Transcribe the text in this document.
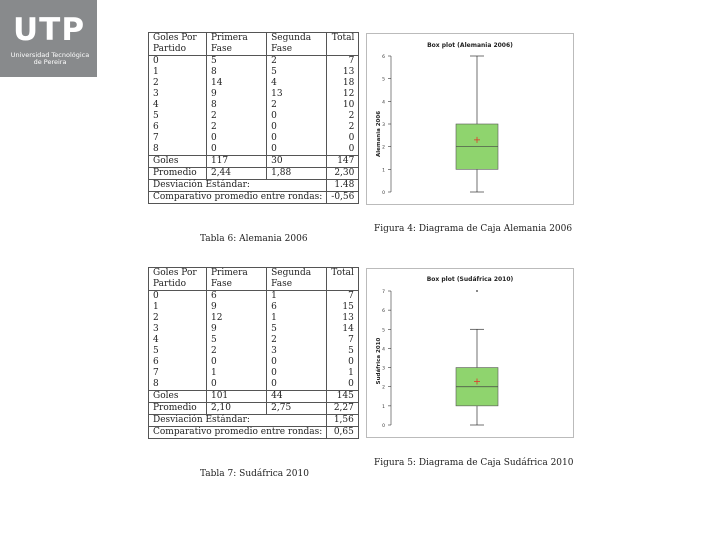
UTP
Universidad Tecnológica de Pereira
Goles Por Partido	Primera Fase	Segunda Fase	Total
0	5	2	7
1	8	5	13
2	14	4	18
3	9	13	12
4	8	2	10
5	2	0	2
6	2	0	2
7	0	0	0
8	0	0	0
Goles	117	30	147
Promedio	2,44	1,88	2,30
Desviación Estándar:			1.48
Comparativo promedio entre rondas:			-0,56
Tabla 6: Alemania 2006
Goles Por Partido	Primera Fase	Segunda Fase	Total
0	6	1	7
1	9	6	15
2	12	1	13
3	9	5	14
4	5	2	7
5	2	3	5
6	0	0	0
7	1	0	1
8	0	0	0
Goles	101	44	145
Promedio	2,10	2,75	2,27
Desviación Estándar:			1,56
Comparativo promedio entre rondas:			0,65
Tabla 7: Sudáfrica 2010
Box plot (Alemania 2006)
Alemania 2006
0
1
2
3
4
5
6
Figura 4: Diagrama de Caja Alemania 2006
Box plot (Sudáfrica 2010)
Sudáfrica 2010
0
1
2
3
4
5
6
7
Figura 5: Diagrama de Caja Sudáfrica 2010
